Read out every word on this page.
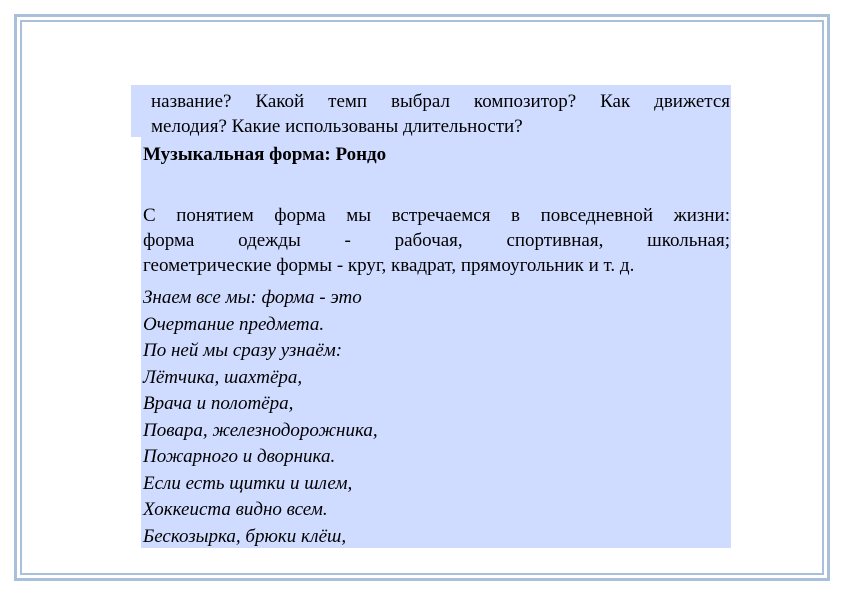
название? Какой темп выбрал композитор? Как движется
мелодия? Какие использованы длительности?
Музыкальная форма: Рондо
С понятием форма мы встречаемся в повседневной жизни:
форма одежды - рабочая, спортивная, школьная;
геометрические формы - круг, квадрат, прямоугольник и т. д.
Знаем все мы: форма - это
Очертание предмета.
По ней мы сразу узнаём:
Лётчика, шахтёра,
Врача и полотёра,
Повара, железнодорожника,
Пожарного и дворника.
Если есть щитки и шлем,
Хоккеиста видно всем.
Бескозырка, брюки клёш,
